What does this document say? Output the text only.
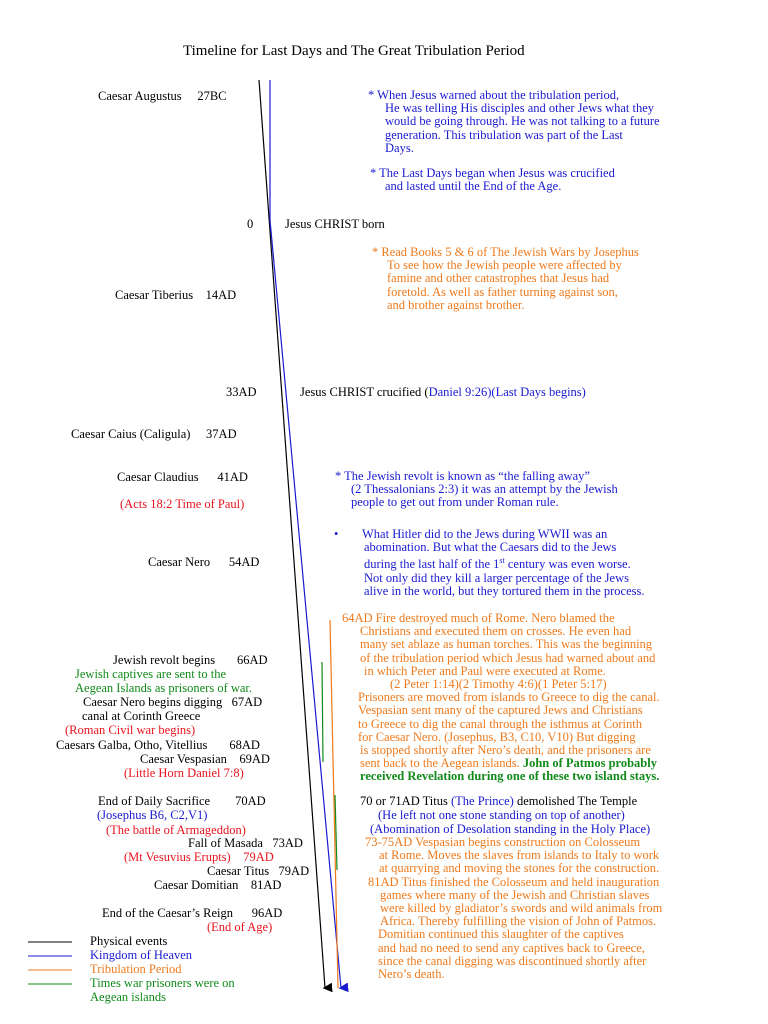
Timeline for Last Days and The Great Tribulation Period
Caesar Augustus 27BC
0	Jesus CHRIST born
Caesar Tiberius 14AD
33AD	Jesus CHRIST crucified (Daniel 9:26)(Last Days begins)
Caesar Caius (Caligula) 37AD
Caesar Claudius 41AD
(Acts 18:2 Time of Paul)
Caesar Nero 54AD
Jewish revolt begins 66AD
Jewish captives are sent to the
Aegean Islands as prisoners of war.
Caesar Nero begins digging 67AD
canal at Corinth Greece
(Roman Civil war begins)
Caesars Galba, Otho, Vitellius 68AD
Caesar Vespasian 69AD
(Little Horn Daniel 7:8)
End of Daily Sacrifice 70AD
(Josephus B6, C2,V1)
(The battle of Armageddon)
Fall of Masada 73AD
(Mt Vesuvius Erupts) 79AD
Caesar Titus 79AD
Caesar Domitian 81AD
End of the Caesar’s Reign 96AD
(End of Age)
Physical events
Kingdom of Heaven
Tribulation Period
Times war prisoners were on
Aegean islands
* When Jesus warned about the tribulation period,
He was telling His disciples and other Jews what they
would be going through. He was not talking to a future
generation. This tribulation was part of the Last
Days.
* The Last Days began when Jesus was crucified
and lasted until the End of the Age.
* Read Books 5 & 6 of The Jewish Wars by Josephus
To see how the Jewish people were affected by
famine and other catastrophes that Jesus had
foretold. As well as father turning against son,
and brother against brother.
* The Jewish revolt is known as “the falling away”
(2 Thessalonians 2:3) it was an attempt by the Jewish
people to get out from under Roman rule.
• What Hitler did to the Jews during WWII was an
abomination. But what the Caesars did to the Jews
during the last half of the 1st century was even worse.
Not only did they kill a larger percentage of the Jews
alive in the world, but they tortured them in the process.
64AD Fire destroyed much of Rome. Nero blamed the
Christians and executed them on crosses. He even had
many set ablaze as human torches. This was the beginning
of the tribulation period which Jesus had warned about and
in which Peter and Paul were executed at Rome.
(2 Peter 1:14)(2 Timothy 4:6)(1 Peter 5:17)
Prisoners are moved from islands to Greece to dig the canal.
Vespasian sent many of the captured Jews and Christians
to Greece to dig the canal through the isthmus at Corinth
for Caesar Nero. (Josephus, B3, C10, V10) But digging
is stopped shortly after Nero’s death, and the prisoners are
sent back to the Aegean islands. John of Patmos probably
received Revelation during one of these two island stays.
70 or 71AD Titus (The Prince) demolished The Temple
(He left not one stone standing on top of another)
(Abomination of Desolation standing in the Holy Place)
73-75AD Vespasian begins construction on Colosseum
at Rome. Moves the slaves from islands to Italy to work
at quarrying and moving the stones for the construction.
81AD Titus finished the Colosseum and held inauguration
games where many of the Jewish and Christian slaves
were killed by gladiator’s swords and wild animals from
Africa. Thereby fulfilling the vision of John of Patmos.
Domitian continued this slaughter of the captives
and had no need to send any captives back to Greece,
since the canal digging was discontinued shortly after
Nero’s death.
